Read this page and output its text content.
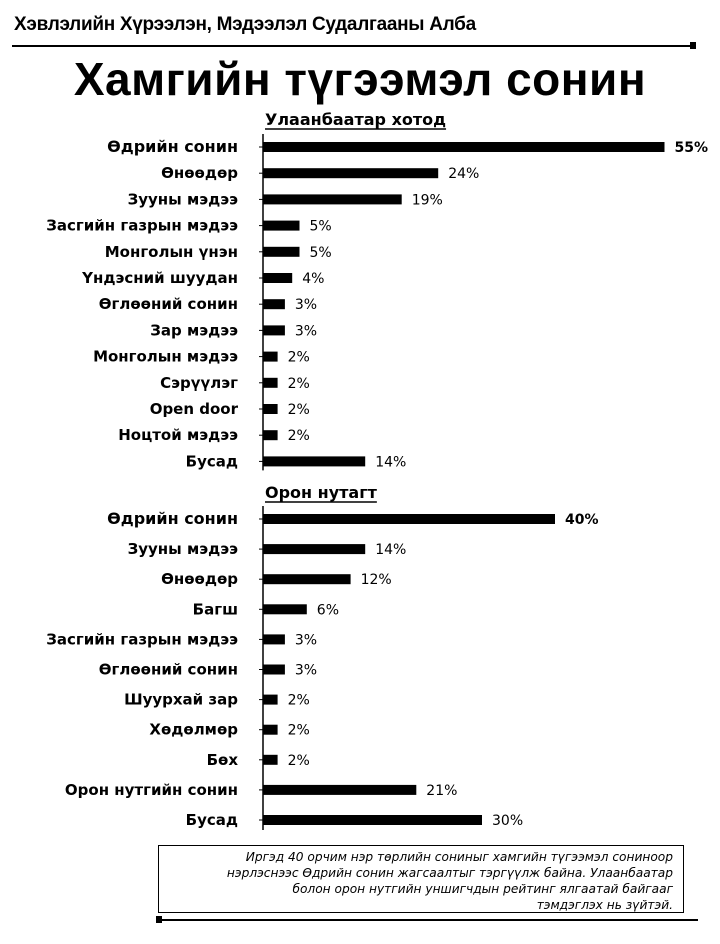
Хэвлэлийн Хүрээлэн, Мэдээлэл Судалгааны Алба
Хамгийн түгээмэл сонин
Улаанбаатар хотод
Өдрийн сонин	55%
Өнөөдөр	24%
Зууны мэдээ	19%
Засгийн газрын мэдээ	5%
Монголын үнэн	5%
Үндэсний шуудан	4%
Өглөөний сонин	3%
Зар мэдээ	3%
Монголын мэдээ	2%
Сэрүүлэг	2%
Open door	2%
Ноцтой мэдээ	2%
Бусад	14%
Орон нутагт
Өдрийн сонин	40%
Зууны мэдээ	14%
Өнөөдөр	12%
Багш	6%
Засгийн газрын мэдээ	3%
Өглөөний сонин	3%
Шуурхай зар	2%
Хөдөлмөр	2%
Бөх	2%
Орон нутгийн сонин	21%
Бусад	30%
Иргэд 40 орчим нэр төрлийн сониныг хамгийн түгээмэл сониноор
нэрлэснээс Өдрийн сонин жагсаалтыг тэргүүлж байна. Улаанбаатар
болон орон нутгийн уншигчдын рейтинг ялгаатай байгааг
тэмдэглэх нь зүйтэй.
